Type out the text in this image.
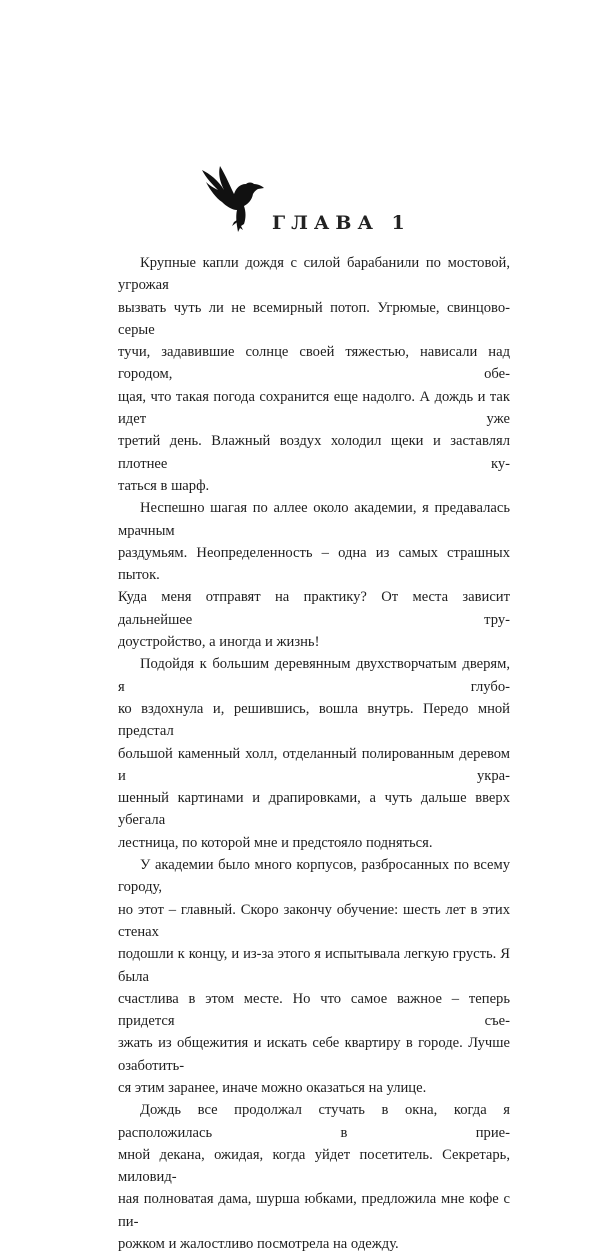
ГЛАВА 1

Крупные капли дождя с силой барабанили по мостовой, угрожая
вызвать чуть ли не всемирный потоп. Угрюмые, свинцово-серые
тучи, задавившие солнце своей тяжестью, нависали над городом, обе-
щая, что такая погода сохранится еще надолго. А дождь и так идет уже
третий день. Влажный воздух холодил щеки и заставлял плотнее ку-
таться в шарф.

Неспешно шагая по аллее около академии, я предавалась мрачным
раздумьям. Неопределенность – одна из самых страшных пыток.
Куда меня отправят на практику? От места зависит дальнейшее тру-
доустройство, а иногда и жизнь!

Подойдя к большим деревянным двухстворчатым дверям, я глубо-
ко вздохнула и, решившись, вошла внутрь. Передо мной предстал
большой каменный холл, отделанный полированным деревом и укра-
шенный картинами и драпировками, а чуть дальше вверх убегала
лестница, по которой мне и предстояло подняться.

У академии было много корпусов, разбросанных по всему городу,
но этот – главный. Скоро закончу обучение: шесть лет в этих стенах
подошли к концу, и из-за этого я испытывала легкую грусть. Я была
счастлива в этом месте. Но что самое важное – теперь придется съе-
зжать из общежития и искать себе квартиру в городе. Лучше озаботить-
ся этим заранее, иначе можно оказаться на улице.

Дождь все продолжал стучать в окна, когда я расположилась в прие-
мной декана, ожидая, когда уйдет посетитель. Секретарь, миловид-
ная полноватая дама, шурша юбками, предложила мне кофе с пи-
рожком и жалостливо посмотрела на одежду.
